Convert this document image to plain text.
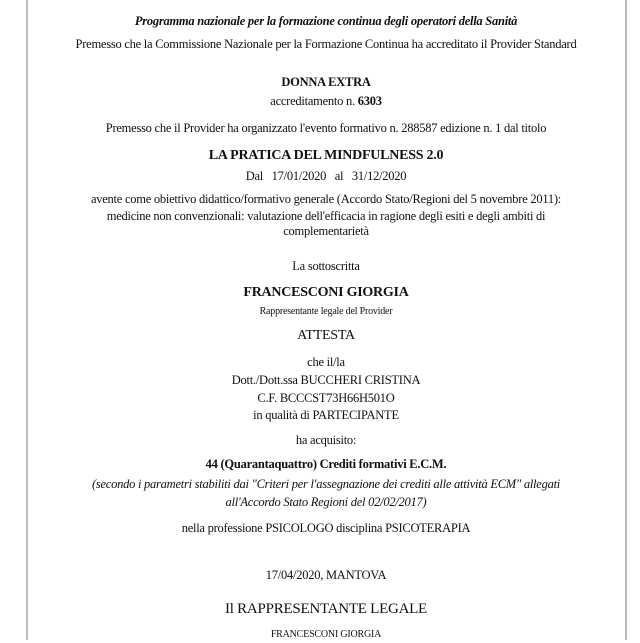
Programma nazionale per la formazione continua degli operatori della Sanità
Premesso che la Commissione Nazionale per la Formazione Continua ha accreditato il Provider Standard
DONNA EXTRA
accreditamento n. 6303
Premesso che il Provider ha organizzato l'evento formativo n. 288587 edizione n. 1 dal titolo
LA PRATICA DEL MINDFULNESS 2.0
Dal   17/01/2020   al   31/12/2020
avente come obiettivo didattico/formativo generale (Accordo Stato/Regioni del 5 novembre 2011):
medicine non convenzionali: valutazione dell'efficacia in ragione degli esiti e degli ambiti di
complementarietà
La sottoscritta
FRANCESCONI GIORGIA
Rappresentante legale del Provider
ATTESTA
che il/la
Dott./Dott.ssa BUCCHERI CRISTINA
C.F. BCCCST73H66H501O
in qualità di PARTECIPANTE
ha acquisito:
44 (Quarantaquattro) Crediti formativi E.C.M.
(secondo i parametri stabiliti dai "Criteri per l'assegnazione dei crediti alle attività ECM" allegati
all'Accordo Stato Regioni del 02/02/2017)
nella professione PSICOLOGO disciplina PSICOTERAPIA
17/04/2020, MANTOVA
Il RAPPRESENTANTE LEGALE
FRANCESCONI GIORGIA
